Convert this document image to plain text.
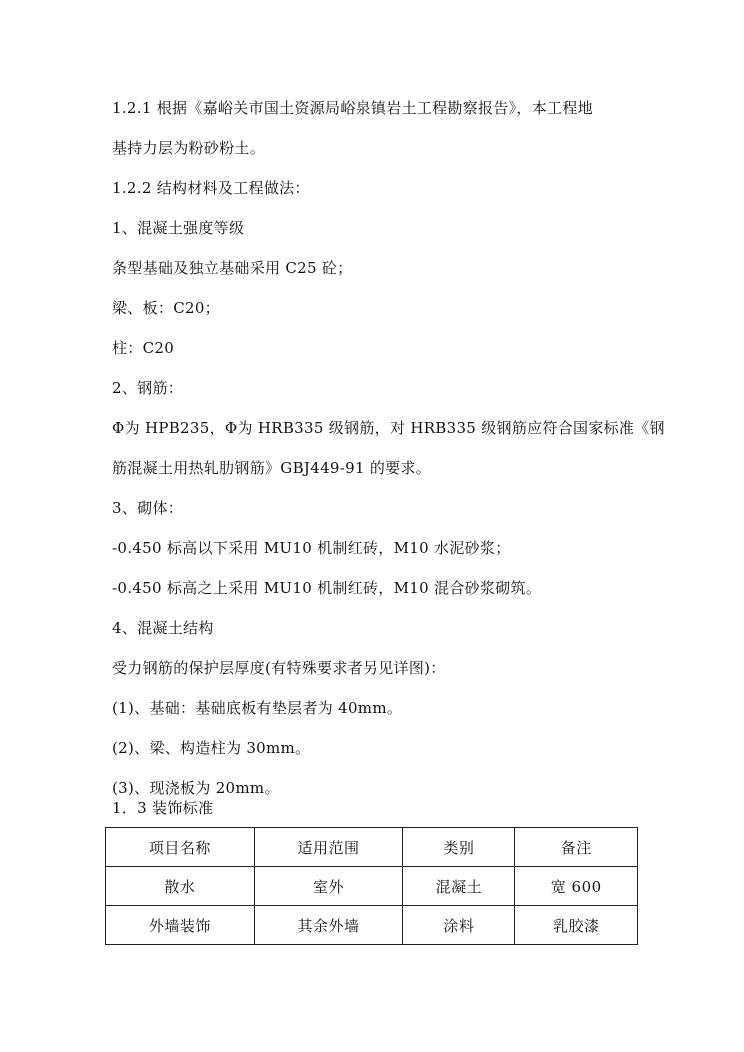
1.2.1 根据《嘉峪关市国土资源局峪泉镇岩土工程勘察报告》，本工程地
基持力层为粉砂粉土。
1.2.2 结构材料及工程做法：
1、混凝土强度等级
条型基础及独立基础采用 C25 砼；
梁、板：C20；
柱：C20
2、钢筋：
Φ为 HPB235，Φ为 HRB335 级钢筋，对 HRB335 级钢筋应符合国家标准《钢
筋混凝土用热轧肋钢筋》GBJ449-91 的要求。
3、砌体：
-0.450 标高以下采用 MU10 机制红砖，M10 水泥砂浆；
-0.450 标高之上采用 MU10 机制红砖，M10 混合砂浆砌筑。
4、混凝土结构
受力钢筋的保护层厚度(有特殊要求者另见详图)：
(1)、基础：基础底板有垫层者为 40mm。
(2)、梁、构造柱为 30mm。
(3)、现浇板为 20mm。
1．3 装饰标准
项目名称	适用范围	类别	备注
散水	室外	混凝土	宽 600
外墙装饰	其余外墙	涂料	乳胶漆
